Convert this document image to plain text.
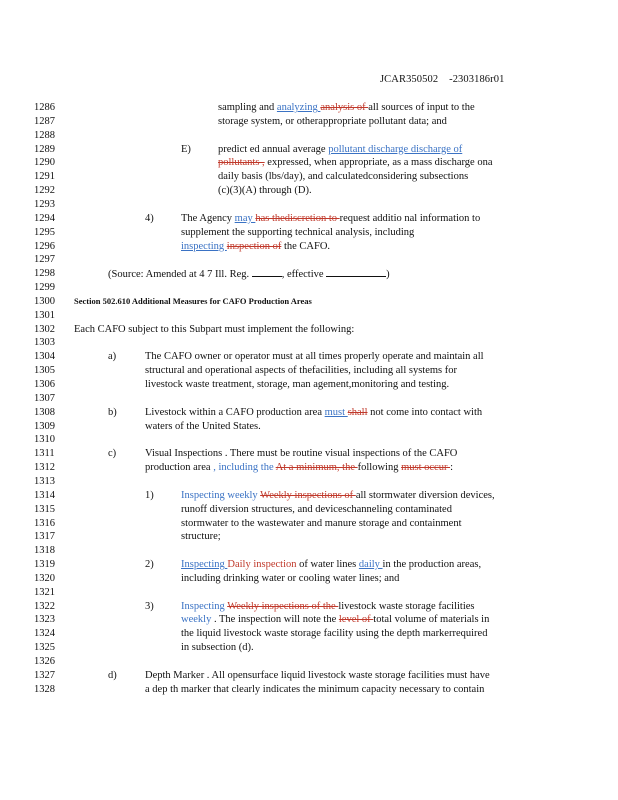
JCAR350502 -2303186r01
1286	sampling and analyzing analysis of all sources of input to the
1287	storage system, or otherappropriate pollutant data; and
1288
1289	E)	predict ed annual average pollutant discharge discharge of
1290	pollutants , expressed, when appropriate, as a mass discharge ona
1291	daily basis (lbs/day), and calculatedconsidering subsections
1292	(c)(3)(A) through (D).
1293
1294	4)	The Agency may has thediscretion to request additio nal information to
1295	supplement the supporting technical analysis, including
1296	inspecting inspection of the CAFO.
1297
1298	(Source: Amended at 4 7 Ill. Reg.	, effective	)
1299
1300	Section 502.610 Additional Measures for CAFO Production Areas
1301
1302	Each CAFO subject to this Subpart must implement the following:
1303
1304	a)	The CAFO owner or operator must at all times properly operate and maintain all
1305	structural and operational aspects of thefacilities, including all systems for
1306	livestock waste treatment, storage, man agement,monitoring and testing.
1307
1308	b)	Livestock within a CAFO production area must shall not come into contact with
1309	waters of the United States.
1310
1311	c)	Visual Inspections . There must be routine visual inspections of the CAFO
1312	production area , including the At a minimum, the following must occur :
1313
1314	1)	Inspecting weekly Weekly inspections of all stormwater diversion devices,
1315	runoff diversion structures, and deviceschanneling contaminated
1316	stormwater to the wastewater and manure storage and containment
1317	structure;
1318
1319	2)	Inspecting Daily inspection of water lines daily in the production areas,
1320	including drinking water or cooling water lines; and
1321
1322	3)	Inspecting Weekly inspections of the livestock waste storage facilities
1323	weekly . The inspection will note the level of total volume of materials in
1324	the liquid livestock waste storage facility using the depth markerrequired
1325	in subsection (d).
1326
1327	d)	Depth Marker . All opensurface liquid livestock waste storage facilities must have
1328	a dep th marker that clearly indicates the minimum capacity necessary to contain
